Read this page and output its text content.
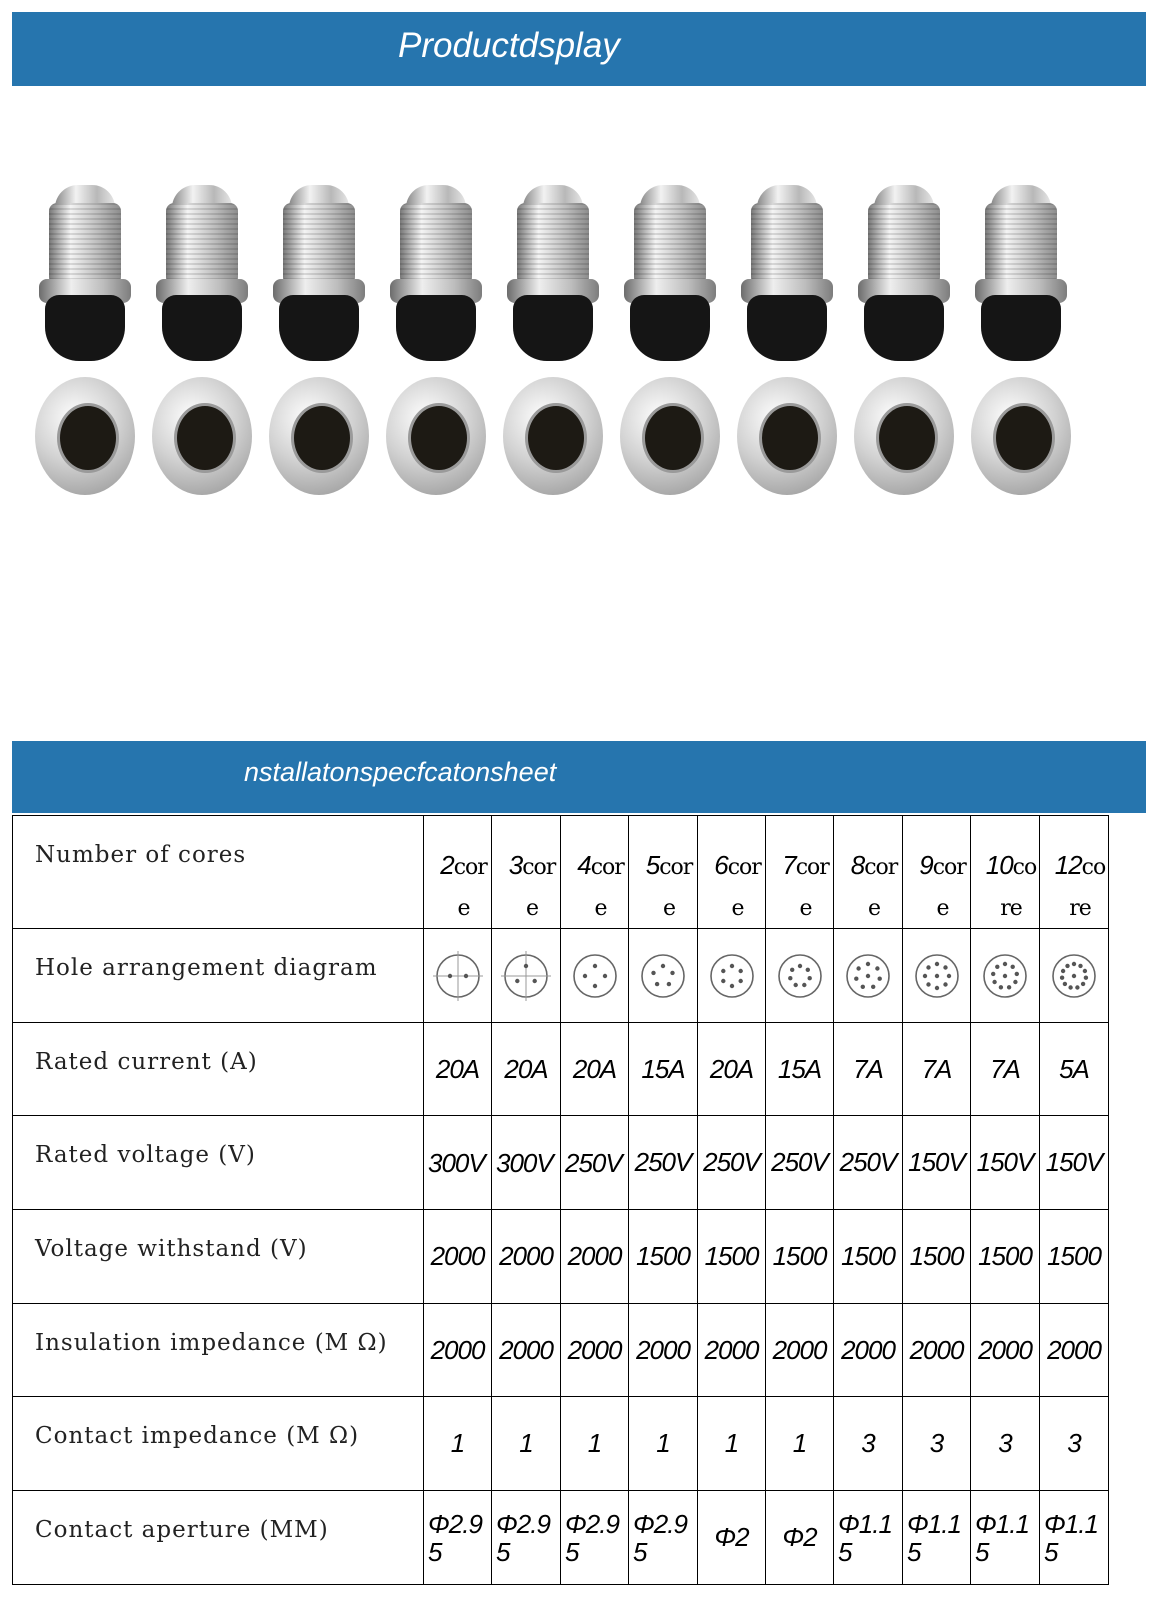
Productdsplay
nstallatonspecfcatonsheet
Number of cores	2core	3core	4core	5core	6core	7core	8core	9core	10core	12core
Hole arrangement diagram	

Rated current (A)	20A	20A	20A	15A	20A	15A	7A	7A	7A	5A
Rated voltage (V)	300V	300V	250V	250V	250V	250V	250V	150V	150V	150V
Voltage withstand (V)	2000	2000	2000	1500	1500	1500	1500	1500	1500	1500
Insulation impedance (M Ω)	2000	2000	2000	2000	2000	2000	2000	2000	2000	2000
Contact impedance (M Ω)	1	1	1	1	1	1	3	3	3	3
Contact aperture (MM)	Φ2.95	Φ2.95	Φ2.95	Φ2.95	Φ2	Φ2	Φ1.15	Φ1.15	Φ1.15	Φ1.15
